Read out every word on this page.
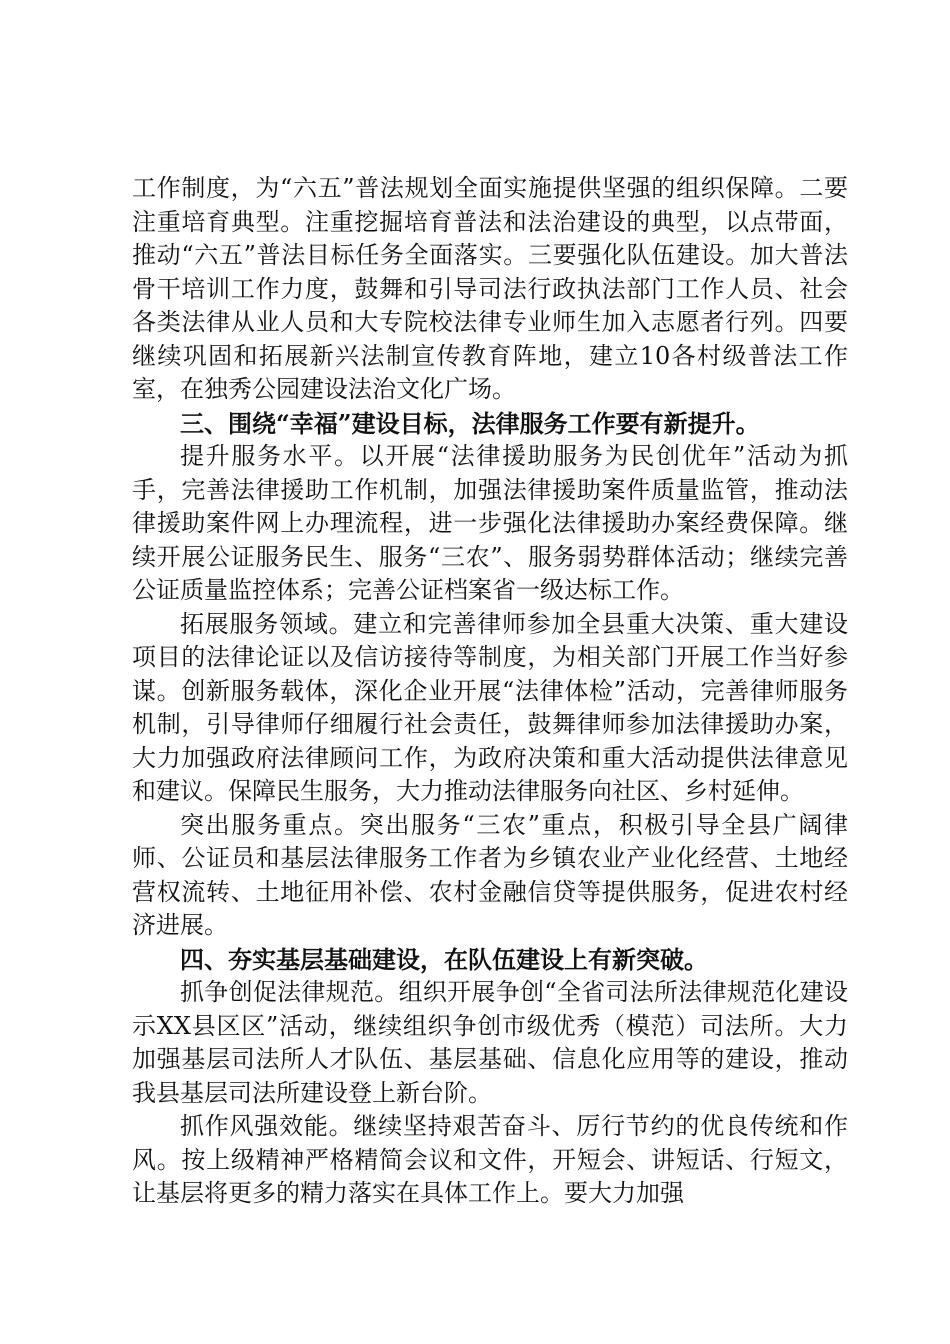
工作制度，为“六五”普法规划全面实施提供坚强的组织保障。二要注重培育典型。注重挖掘培育普法和法治建设的典型，以点带面，推动“六五”普法目标任务全面落实。三要强化队伍建设。加大普法骨干培训工作力度，鼓舞和引导司法行政执法部门工作人员、社会各类法律从业人员和大专院校法律专业师生加入志愿者行列。四要继续巩固和拓展新兴法制宣传教育阵地，建立10各村级普法工作室，在独秀公园建设法治文化广场。

三、围绕“幸福”建设目标，法律服务工作要有新提升。

提升服务水平。以开展“法律援助服务为民创优年”活动为抓手，完善法律援助工作机制，加强法律援助案件质量监管，推动法律援助案件网上办理流程，进一步强化法律援助办案经费保障。继续开展公证服务民生、服务“三农”、服务弱势群体活动；继续完善公证质量监控体系；完善公证档案省一级达标工作。

拓展服务领域。建立和完善律师参加全县重大决策、重大建设项目的法律论证以及信访接待等制度，为相关部门开展工作当好参谋。创新服务载体，深化企业开展“法律体检”活动，完善律师服务机制，引导律师仔细履行社会责任，鼓舞律师参加法律援助办案，大力加强政府法律顾问工作，为政府决策和重大活动提供法律意见和建议。保障民生服务，大力推动法律服务向社区、乡村延伸。

突出服务重点。突出服务“三农”重点，积极引导全县广阔律师、公证员和基层法律服务工作者为乡镇农业产业化经营、土地经营权流转、土地征用补偿、农村金融信贷等提供服务，促进农村经济进展。

四、夯实基层基础建设，在队伍建设上有新突破。

抓争创促法律规范。组织开展争创“全省司法所法律规范化建设示XX县区区”活动，继续组织争创市级优秀（模范）司法所。大力加强基层司法所人才队伍、基层基础、信息化应用等的建设，推动我县基层司法所建设登上新台阶。

抓作风强效能。继续坚持艰苦奋斗、厉行节约的优良传统和作风。按上级精神严格精简会议和文件，开短会、讲短话、行短文，让基层将更多的精力落实在具体工作上。要大力加强
